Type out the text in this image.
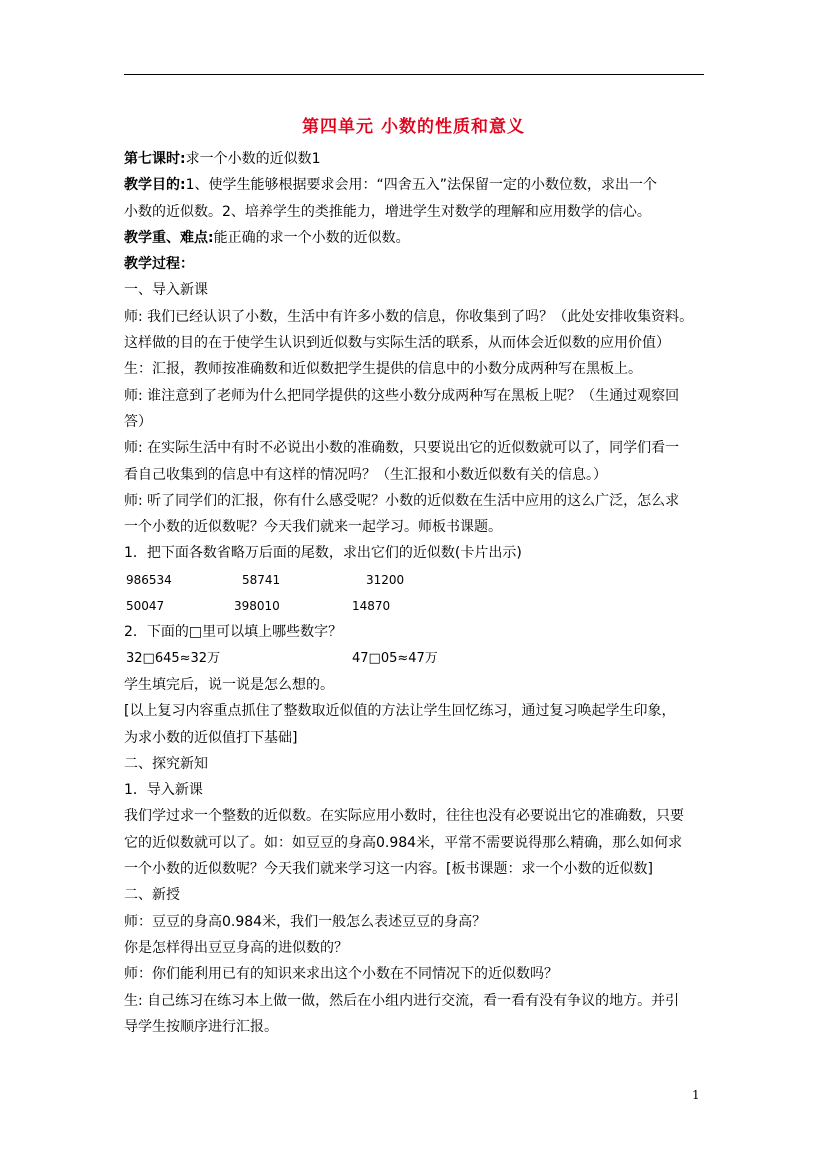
第四单元 小数的性质和意义
第七课时:求一个小数的近似数1
教学目的:1、使学生能够根据要求会用：“四舍五入”法保留一定的小数位数，求出一个
小数的近似数。2、培养学生的类推能力，增进学生对数学的理解和应用数学的信心。
教学重、难点:能正确的求一个小数的近似数。
教学过程：
一、导入新课
师: 我们已经认识了小数，生活中有许多小数的信息，你收集到了吗？（此处安排收集资料。
这样做的目的在于使学生认识到近似数与实际生活的联系，从而体会近似数的应用价值）
生：汇报，教师按准确数和近似数把学生提供的信息中的小数分成两种写在黑板上。
师: 谁注意到了老师为什么把同学提供的这些小数分成两种写在黑板上呢？（生通过观察回
答）
师: 在实际生活中有时不必说出小数的准确数，只要说出它的近似数就可以了，同学们看一
看自己收集到的信息中有这样的情况吗？（生汇报和小数近似数有关的信息。）
师: 听了同学们的汇报，你有什么感受呢？小数的近似数在生活中应用的这么广泛，怎么求
一个小数的近似数呢？今天我们就来一起学习。师板书课题。
1．把下面各数省略万后面的尾数，求出它们的近似数(卡片出示)
986534	58741	31200
50047	398010	14870
2．下面的□里可以填上哪些数字？
32□645≈32万	47□05≈47万
学生填完后，说一说是怎么想的。
[以上复习内容重点抓住了整数取近似值的方法让学生回忆练习，通过复习唤起学生印象，
为求小数的近似值打下基础]
二、探究新知
1．导入新课
我们学过求一个整数的近似数。在实际应用小数时，往往也没有必要说出它的准确数，只要
它的近似数就可以了。如：如豆豆的身高0.984米，平常不需要说得那么精确，那么如何求
一个小数的近似数呢？今天我们就来学习这一内容。[板书课题：求一个小数的近似数]
二、新授
师：豆豆的身高0.984米，我们一般怎么表述豆豆的身高？
你是怎样得出豆豆身高的进似数的？
师：你们能利用已有的知识来求出这个小数在不同情况下的近似数吗？
生: 自己练习在练习本上做一做，然后在小组内进行交流，看一看有没有争议的地方。并引
导学生按顺序进行汇报。
1
